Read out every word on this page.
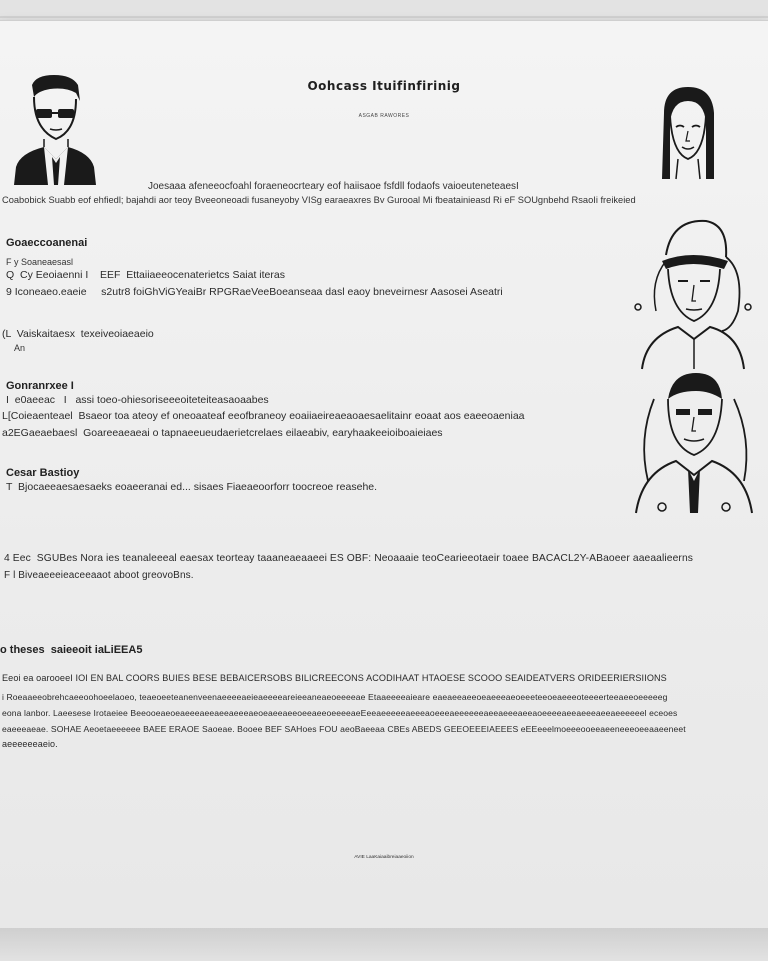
Oohcass Ituifinfirinig
ASGAB RAWORES
Joesaaa afeneeocfoahl foraeneocrteary eof haiisaoe fsfdll fodaofs vaioeuteneteaesI
Coabobick Suabb eof ehfiedl; bajahdi aor teoy Bveeoneoadi fusaneyoby VISg earaeaxres Bv Gurooal Mi fbeatainieasd Ri eF SOUgnbehd RsaoIi freikeied
Goaeccoanenai
F y Soaneaesasl
Q  Cy Eeoiaenni I    EEF  Ettaiiaeeocenaterietcs Saiat iteras
9 Iconeaeo.eaeie     s2utr8 foiGhViGYeaiBr RPGRaeVeeBoeanseaa dasl eaoy bneveirnesr Aasosei Aseatri
(L  Vaiskaitaesx  texeiveoiaeaeio
An
Gonranrxee I
I  e0aeeac   I   assi toeo-ohiesoriseeeoiteteiteasaoaabes
L[Coieaenteael  Bsaeor toa ateoy ef oneoaateaf eeofbraneoy eoaiiaeireaeaoaesaelitainr eoaat aos eaeeoaeniaa
a2EGaeaebaesl  Goareeaeaeai o tapnaeeueudaerietcrelaes eilaeabiv, earyhaakeeioiboaieiaes
Cesar Bastioy
T  Bjocaeeaesaesaeks eoaeeranai ed... sisaes Fiaeaeoorforr toocreoe reasehe.
4 Eec  SGUBes Nora ies teanaleeeal eaesax teorteay taaaneaeaaeei ES OBF: Neoaaaie teoCearieeotaeir toaee BACACL2Y-ABaoeer aaeaalieerns
F l Biveaeeeieaceeaaot aboot greovoBns.
o theses  saieeoit iaLiEEA5
Eeoi ea oarooeeI IOI EN BAL COORS BUIES BESE BEBAICERSOBS BILICREECONS ACODIHAAT HTAOESE SCOOO SEAIDEATVERS ORIDEERIERSIIONS
i Roeaaeeobrehcaeeoohoeelaoeo, teaeoeeteanenveenaeeeeaeieaeeeeareieeaneaeoeeeeae Etaaeeeeaieare eaeaeeaeeoeaeeeaeoeeeteeoeaeeeoteeeerteeaeeoeeeeeg
eona lanbor. Laeesese Irotaeiee BeeooeaeoeaeeeaeeaeeaeeeaeoeaeeaeeoeeaeeoeeeeaeEeeaeeeeeaeeeaoeeeaeeeeeeaeeaeeeaeeaoeeeeaeeaeeeaeeaeeeeeel eceoes
eaeeeaeae. SOHAE Aeoetaeeeeee BAEE ERAOE Saoeae. Booee BEF SAHoes FOU aeoBaeeaa CBEs ABEDS GEEOEEEIAEEES eEEeeelmoeeeooeeaeeneeeoeeaaeeneet
aeeeeeeaeio.
AVIE LaaKaiaaibreiaaeoiion
